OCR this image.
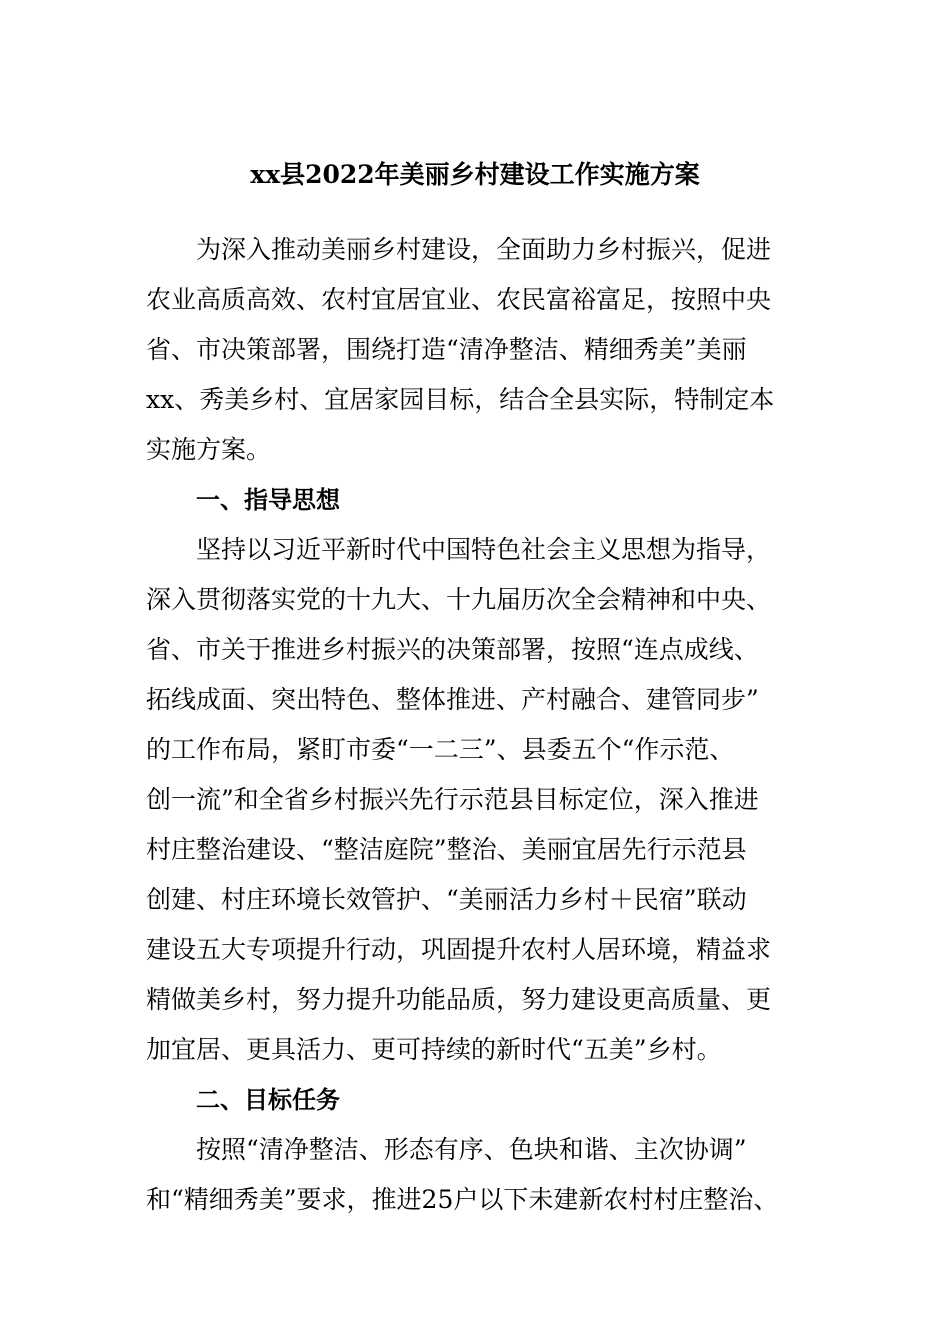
xx县2022年美丽乡村建设工作实施方案
为深入推动美丽乡村建设，全面助力乡村振兴，促进
农业高质高效、农村宜居宜业、农民富裕富足，按照中央
省、市决策部署，围绕打造“清净整洁、精细秀美”美丽
xx、秀美乡村、宜居家园目标，结合全县实际，特制定本
实施方案。
一、指导思想
坚持以习近平新时代中国特色社会主义思想为指导，
深入贯彻落实党的十九大、十九届历次全会精神和中央、
省、市关于推进乡村振兴的决策部署，按照“连点成线、
拓线成面、突出特色、整体推进、产村融合、建管同步”
的工作布局，紧盯市委“一二三”、县委五个“作示范、
创一流”和全省乡村振兴先行示范县目标定位，深入推进
村庄整治建设、“整洁庭院”整治、美丽宜居先行示范县
创建、村庄环境长效管护、“美丽活力乡村＋民宿”联动
建设五大专项提升行动，巩固提升农村人居环境，精益求
精做美乡村，努力提升功能品质，努力建设更高质量、更
加宜居、更具活力、更可持续的新时代“五美”乡村。
二、目标任务
按照“清净整洁、形态有序、色块和谐、主次协调”
和“精细秀美”要求，推进25户以下未建新农村村庄整治、
